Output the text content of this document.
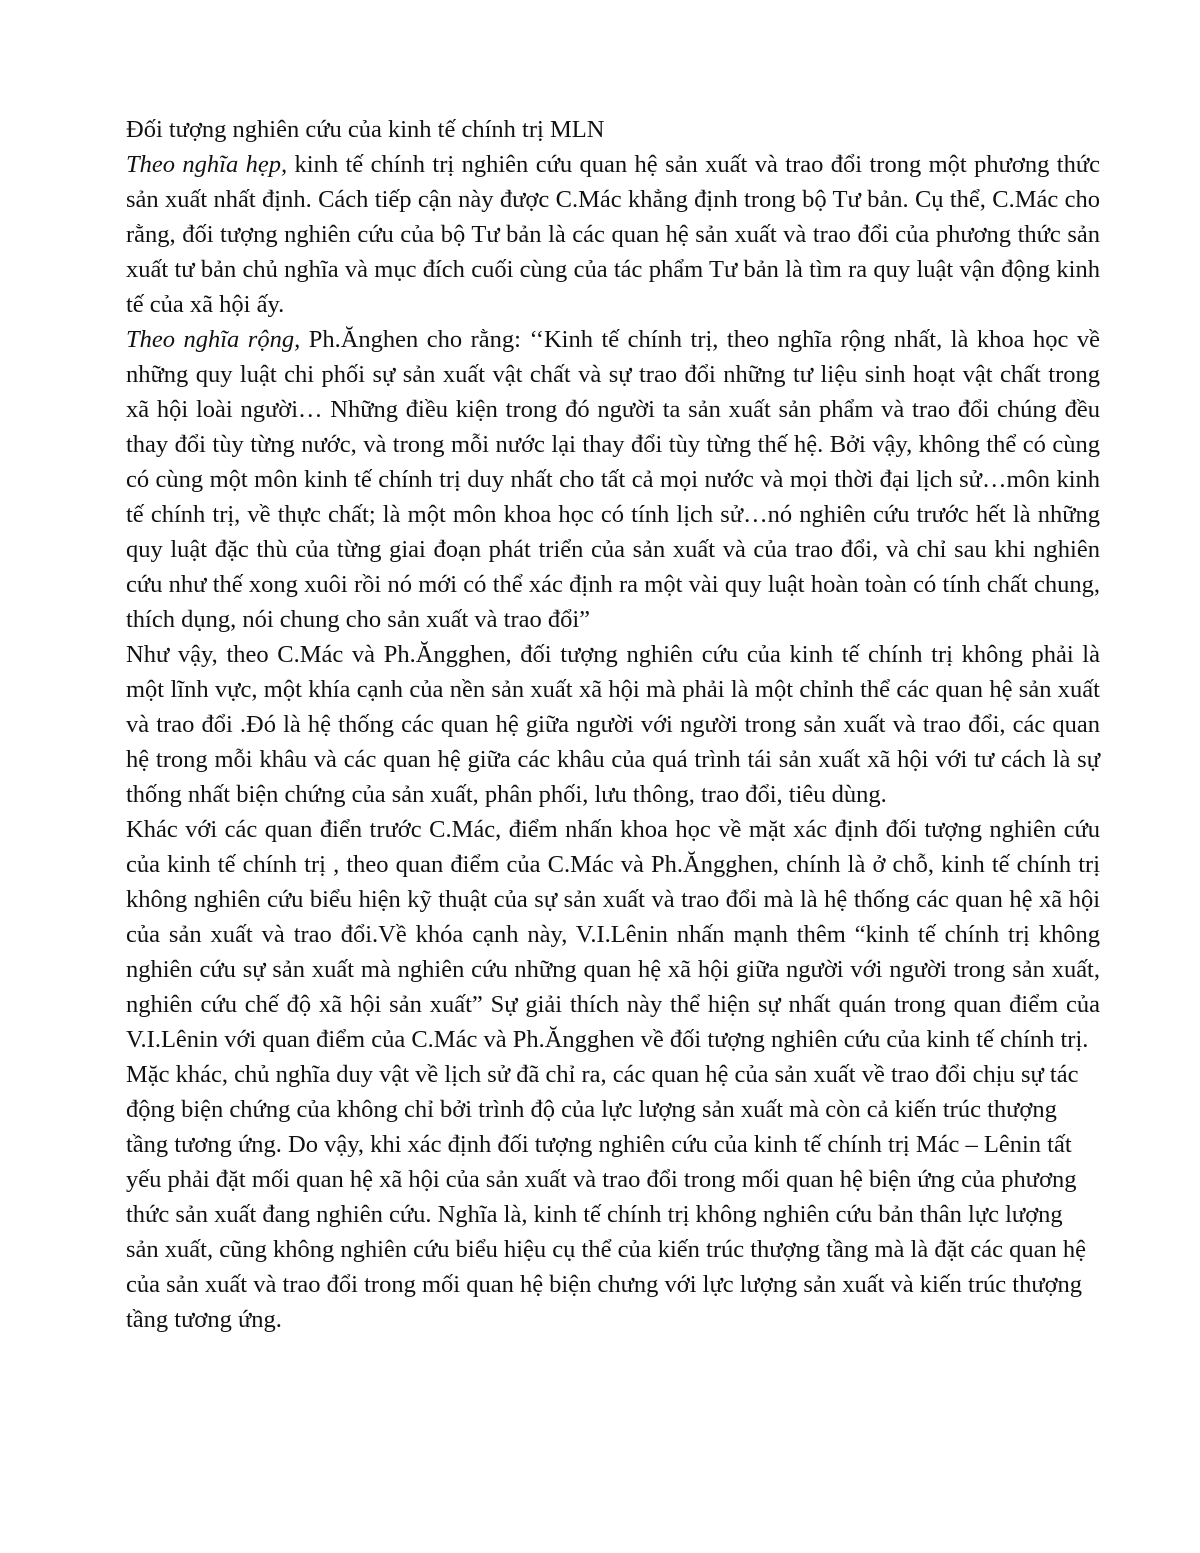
Đối tượng nghiên cứu của kinh tế chính trị MLN

Theo nghĩa hẹp, kinh tế chính trị nghiên cứu quan hệ sản xuất và trao đổi trong một phương thức sản xuất nhất định. Cách tiếp cận này được C.Mác khẳng định trong bộ Tư bản. Cụ thể, C.Mác cho rằng, đối tượng nghiên cứu của bộ Tư bản là các quan hệ sản xuất và trao đổi của phương thức sản xuất tư bản chủ nghĩa và mục đích cuối cùng của tác phẩm Tư bản là tìm ra quy luật vận động kinh tế của xã hội ấy.

Theo nghĩa rộng, Ph.Ănghen cho rằng: ‘‘Kinh tế chính trị, theo nghĩa rộng nhất, là khoa học về những quy luật chi phối sự sản xuất vật chất và sự trao đổi những tư liệu sinh hoạt vật chất trong xã hội loài người… Những điều kiện trong đó người ta sản xuất sản phẩm và trao đổi chúng đều thay đổi tùy từng nước, và trong mỗi nước lại thay đổi tùy từng thế hệ. Bởi vậy, không thể có cùng có cùng một môn kinh tế chính trị duy nhất cho tất cả mọi nước và mọi thời đại lịch sử…môn kinh tế chính trị, về thực chất; là một môn khoa học có tính lịch sử…nó nghiên cứu trước hết là những quy luật đặc thù của từng giai đoạn phát triển của sản xuất và của trao đổi, và chỉ sau khi nghiên cứu như thế xong xuôi rồi nó mới có thể xác định ra một vài quy luật hoàn toàn có tính chất chung, thích dụng, nói chung cho sản xuất và trao đổi”

Như vậy, theo C.Mác và Ph.Ăngghen, đối tượng nghiên cứu của kinh tế chính trị không phải là một lĩnh vực, một khía cạnh của nền sản xuất xã hội mà phải là một chỉnh thể các quan hệ sản xuất và trao đổi .Đó là hệ thống các quan hệ giữa người với người trong sản xuất và trao đổi, các quan hệ trong mỗi khâu và các quan hệ giữa các khâu của quá trình tái sản xuất xã hội với tư cách là sự thống nhất biện chứng của sản xuất, phân phối, lưu thông, trao đổi, tiêu dùng.

Khác với các quan điển trước C.Mác, điểm nhấn khoa học về mặt xác định đối tượng nghiên cứu của kinh tế chính trị , theo quan điểm của C.Mác và Ph.Ăngghen, chính là ở chỗ, kinh tế chính trị không nghiên cứu biểu hiện kỹ thuật của sự sản xuất và trao đổi mà là hệ thống các quan hệ xã hội của sản xuất và trao đổi.Về khóa cạnh này, V.I.Lênin nhấn mạnh thêm “kinh tế chính trị không nghiên cứu sự sản xuất mà nghiên cứu những quan hệ xã hội giữa người với người trong sản xuất, nghiên cứu chế độ xã hội sản xuất” Sự giải thích này thể hiện sự nhất quán trong quan điểm của V.I.Lênin với quan điểm của C.Mác và Ph.Ăngghen về đối tượng nghiên cứu của kinh tế chính trị.

Mặc khác, chủ nghĩa duy vật về lịch sử đã chỉ ra, các quan hệ của sản xuất về trao đổi chịu sự tác động biện chứng của không chỉ bởi trình độ của lực lượng sản xuất mà còn cả kiến trúc thượng tầng tương ứng. Do vậy, khi xác định đối tượng nghiên cứu của kinh tế chính trị Mác – Lênin tất yếu phải đặt mối quan hệ xã hội của sản xuất và trao đổi trong mối quan hệ biện ứng của phương thức sản xuất đang nghiên cứu. Nghĩa là, kinh tế chính trị không nghiên cứu bản thân lực lượng sản xuất, cũng không nghiên cứu biểu hiệu cụ thể của kiến trúc thượng tầng mà là đặt các quan hệ của sản xuất và trao đổi trong mối quan hệ biện chưng với lực lượng sản xuất và kiến trúc thượng tầng tương ứng.
